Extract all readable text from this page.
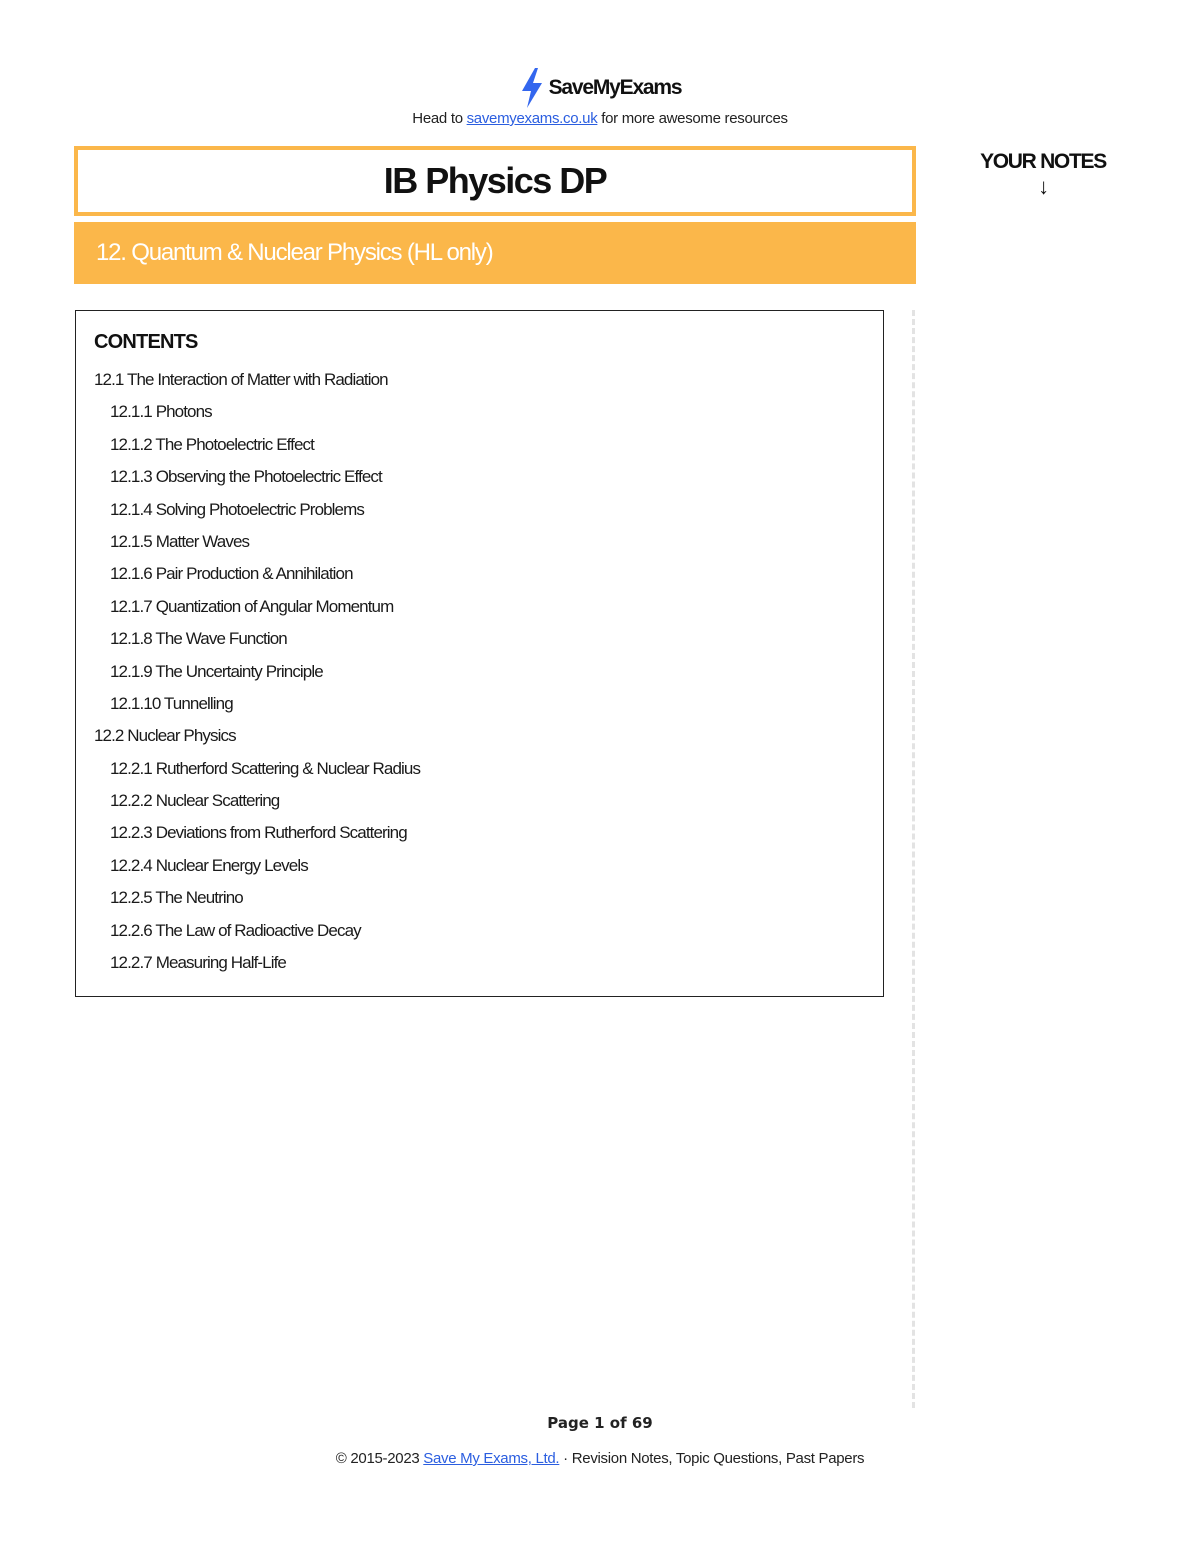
SaveMyExams
Head to savemyexams.co.uk for more awesome resources
IB Physics DP
12. Quantum & Nuclear Physics (HL only)
YOUR NOTES
↓
CONTENTS
12.1 The Interaction of Matter with Radiation
12.1.1 Photons
12.1.2 The Photoelectric Effect
12.1.3 Observing the Photoelectric Effect
12.1.4 Solving Photoelectric Problems
12.1.5 Matter Waves
12.1.6 Pair Production & Annihilation
12.1.7 Quantization of Angular Momentum
12.1.8 The Wave Function
12.1.9 The Uncertainty Principle
12.1.10 Tunnelling
12.2 Nuclear Physics
12.2.1 Rutherford Scattering & Nuclear Radius
12.2.2 Nuclear Scattering
12.2.3 Deviations from Rutherford Scattering
12.2.4 Nuclear Energy Levels
12.2.5 The Neutrino
12.2.6 The Law of Radioactive Decay
12.2.7 Measuring Half-Life
Page 1 of 69
© 2015-2023 Save My Exams, Ltd. · Revision Notes, Topic Questions, Past Papers
